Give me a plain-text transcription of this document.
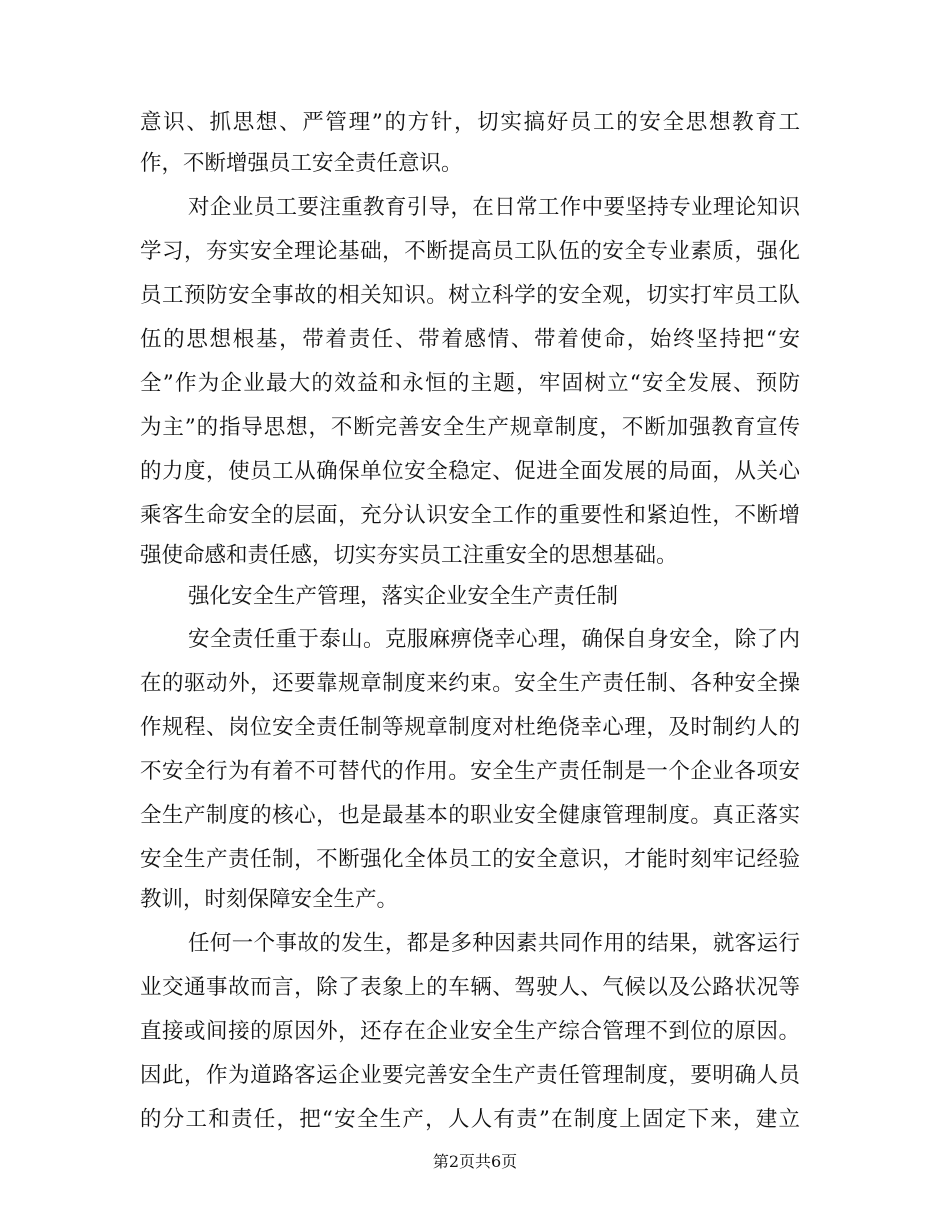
意识、抓思想、严管理”的方针，切实搞好员工的安全思想教育工
作，不断增强员工安全责任意识。
对企业员工要注重教育引导，在日常工作中要坚持专业理论知识
学习，夯实安全理论基础，不断提高员工队伍的安全专业素质，强化
员工预防安全事故的相关知识。树立科学的安全观，切实打牢员工队
伍的思想根基，带着责任、带着感情、带着使命，始终坚持把“安
全”作为企业最大的效益和永恒的主题，牢固树立“安全发展、预防
为主”的指导思想，不断完善安全生产规章制度，不断加强教育宣传
的力度，使员工从确保单位安全稳定、促进全面发展的局面，从关心
乘客生命安全的层面，充分认识安全工作的重要性和紧迫性，不断增
强使命感和责任感，切实夯实员工注重安全的思想基础。
强化安全生产管理，落实企业安全生产责任制
安全责任重于泰山。克服麻痹侥幸心理，确保自身安全，除了内
在的驱动外，还要靠规章制度来约束。安全生产责任制、各种安全操
作规程、岗位安全责任制等规章制度对杜绝侥幸心理，及时制约人的
不安全行为有着不可替代的作用。安全生产责任制是一个企业各项安
全生产制度的核心，也是最基本的职业安全健康管理制度。真正落实
安全生产责任制，不断强化全体员工的安全意识，才能时刻牢记经验
教训，时刻保障安全生产。
任何一个事故的发生，都是多种因素共同作用的结果，就客运行
业交通事故而言，除了表象上的车辆、驾驶人、气候以及公路状况等
直接或间接的原因外，还存在企业安全生产综合管理不到位的原因。
因此，作为道路客运企业要完善安全生产责任管理制度，要明确人员
的分工和责任，把“安全生产，人人有责”在制度上固定下来，建立
第2页共6页
